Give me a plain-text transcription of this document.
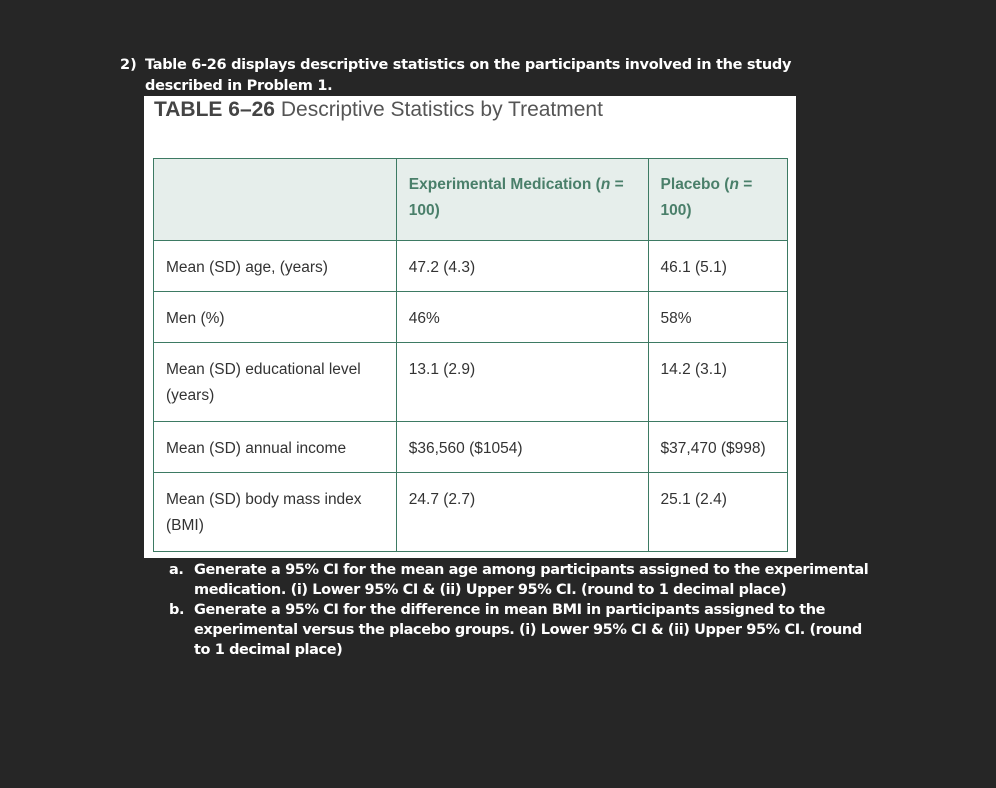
2) Table 6-26 displays descriptive statistics on the participants involved in the study described in Problem 1.
TABLE 6–26 Descriptive Statistics by Treatment
	Experimental Medication (n = 100)	Placebo (n = 100)
Mean (SD) age, (years)	47.2 (4.3)	46.1 (5.1)
Men (%)	46%	58%
Mean (SD) educational level (years)	13.1 (2.9)	14.2 (3.1)
Mean (SD) annual income	$36,560 ($1054)	$37,470 ($998)
Mean (SD) body mass index (BMI)	24.7 (2.7)	25.1 (2.4)
a. Generate a 95% CI for the mean age among participants assigned to the experimental medication. (i) Lower 95% CI & (ii) Upper 95% CI. (round to 1 decimal place)
b. Generate a 95% CI for the difference in mean BMI in participants assigned to the experimental versus the placebo groups. (i) Lower 95% CI & (ii) Upper 95% CI. (round to 1 decimal place)
